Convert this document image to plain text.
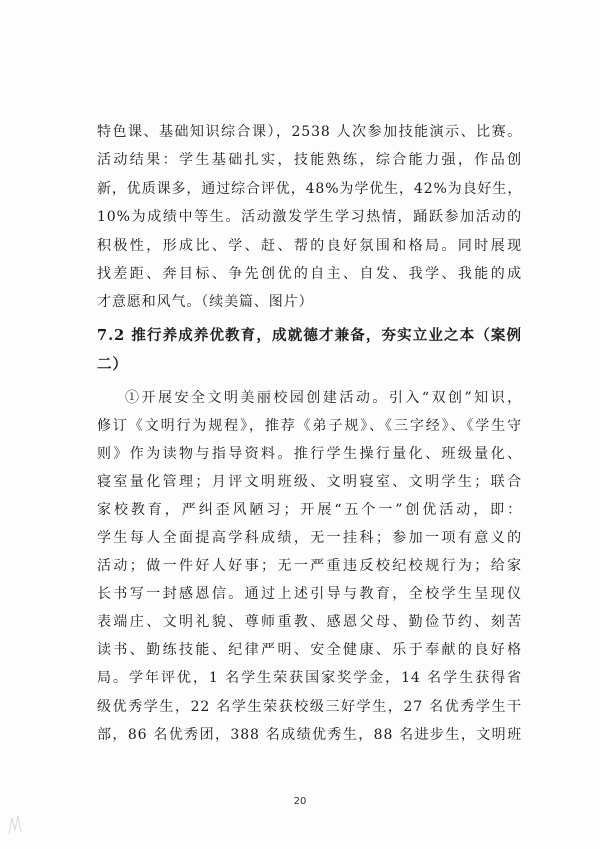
特色课、基础知识综合课），2538 人次参加技能演示、比赛。
活动结果：学生基础扎实，技能熟练，综合能力强，作品创
新，优质课多，通过综合评优，48%为学优生，42%为良好生，
10%为成绩中等生。活动激发学生学习热情，踊跃参加活动的
积极性，形成比、学、赶、帮的良好氛围和格局。同时展现
找差距、奔目标、争先创优的自主、自发、我学、我能的成
才意愿和风气。（续美篇、图片）
7.2 推行养成养优教育，成就德才兼备，夯实立业之本（案例
二）
①开展安全文明美丽校园创建活动。引入“双创”知识，
修订《文明行为规程》，推荐《弟子规》、《三字经》、《学生守
则》作为读物与指导资料。推行学生操行量化、班级量化、
寝室量化管理；月评文明班级、文明寝室、文明学生；联合
家校教育，严纠歪风陋习；开展“五个一”创优活动，即：
学生每人全面提高学科成绩，无一挂科；参加一项有意义的
活动；做一件好人好事；无一严重违反校纪校规行为；给家
长书写一封感恩信。通过上述引导与教育，全校学生呈现仪
表端庄、文明礼貌、尊师重教、感恩父母、勤俭节约、刻苦
读书、勤练技能、纪律严明、安全健康、乐于奉献的良好格
局。学年评优，1 名学生荣获国家奖学金，14 名学生获得省
级优秀学生，22 名学生荣获校级三好学生，27 名优秀学生干
部，86 名优秀团，388 名成绩优秀生，88 名进步生，文明班
20
